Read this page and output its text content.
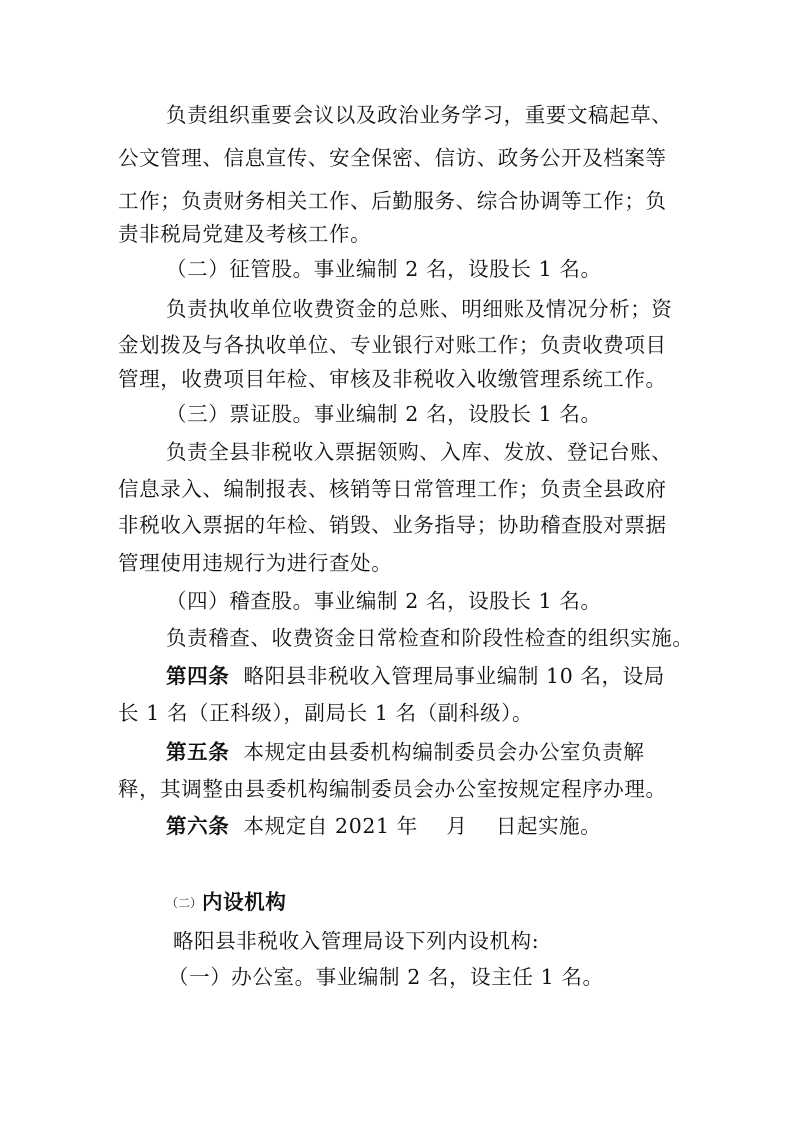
负责组织重要会议以及政治业务学习，重要文稿起草、
公文管理、信息宣传、安全保密、信访、政务公开及档案等
工作；负责财务相关工作、后勤服务、综合协调等工作；负
责非税局党建及考核工作。
（二）征管股。事业编制 2 名，设股长 1 名。
负责执收单位收费资金的总账、明细账及情况分析；资
金划拨及与各执收单位、专业银行对账工作；负责收费项目
管理，收费项目年检、审核及非税收入收缴管理系统工作。
（三）票证股。事业编制 2 名，设股长 1 名。
负责全县非税收入票据领购、入库、发放、登记台账、
信息录入、编制报表、核销等日常管理工作；负责全县政府
非税收入票据的年检、销毁、业务指导；协助稽查股对票据
管理使用违规行为进行查处。
（四）稽查股。事业编制 2 名，设股长 1 名。
负责稽查、收费资金日常检查和阶段性检查的组织实施。
第四条  略阳县非税收入管理局事业编制 10 名，设局
长 1 名（正科级），副局长 1 名（副科级）。
第五条  本规定由县委机构编制委员会办公室负责解
释，其调整由县委机构编制委员会办公室按规定程序办理。
第六条  本规定自 2021 年    月    日起实施。
（二）内设机构
略阳县非税收入管理局设下列内设机构:
（一）办公室。事业编制 2 名，设主任 1 名。
